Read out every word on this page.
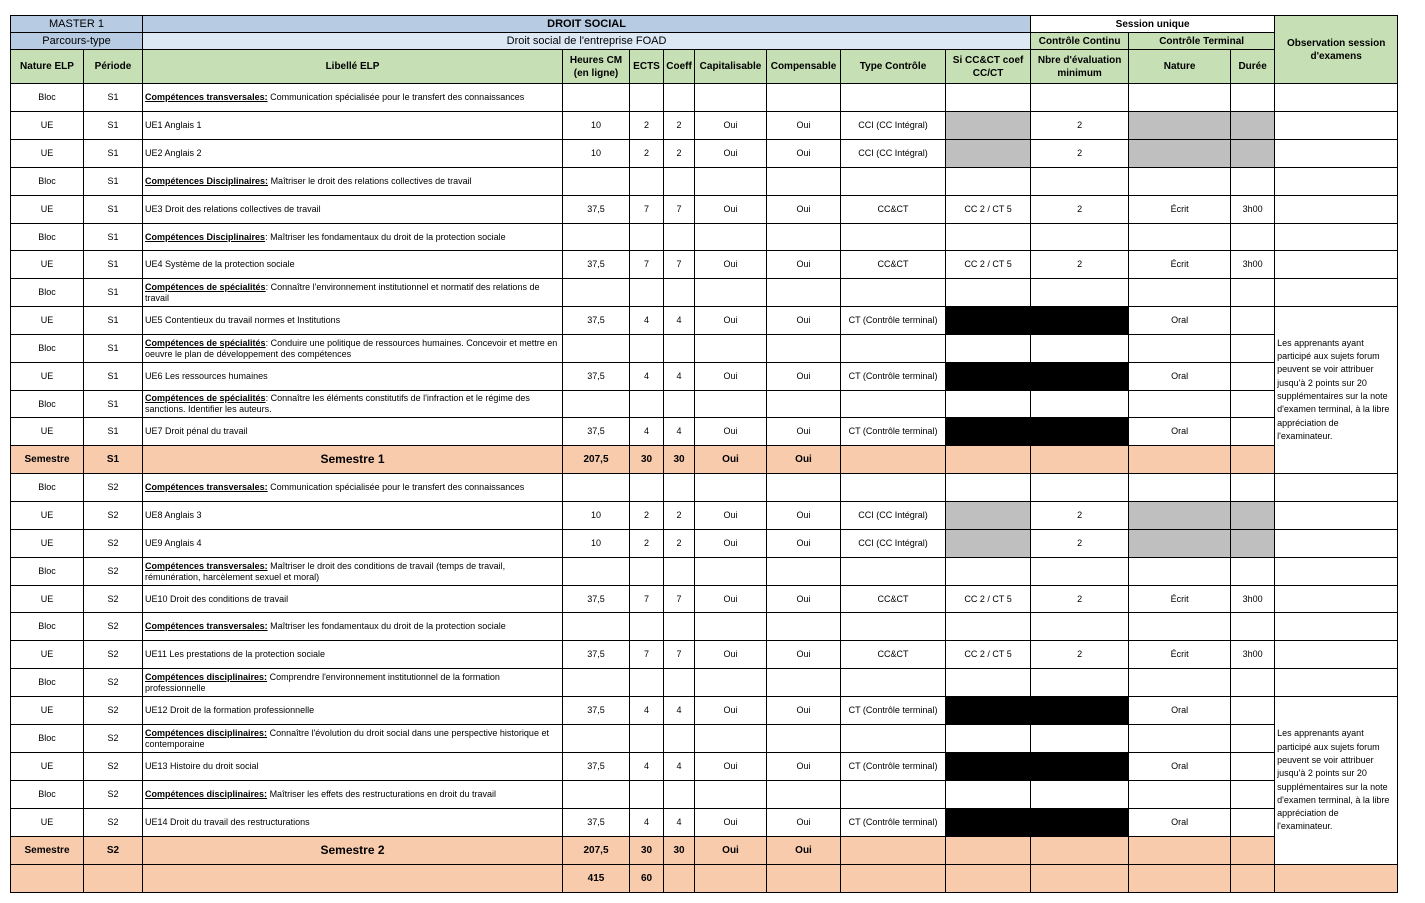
MASTER 1		DROIT SOCIAL								Session unique			Observation session d'examens	
Parcours-type		Droit social de l'entreprise FOAD								Contrôle Continu	Contrôle Terminal			
Nature ELP	Période	Libellé ELP	Heures CM (en ligne)	ECTS	Coeff	Capitalisable	Compensable	Type Contrôle	Si CC&CT coef CC/CT	Nbre d'évaluation minimum	Nature	Durée		
Bloc	S1	Compétences transversales: Communication spécialisée pour le transfert des connaissances												
UE	S1	UE1 Anglais 1	10	2	2	Oui	Oui	CCI (CC Intégral)		2				
UE	S1	UE2 Anglais 2	10	2	2	Oui	Oui	CCI (CC Intégral)		2				
Bloc	S1	Compétences Disciplinaires: Maîtriser le droit des relations collectives de travail												
UE	S1	UE3 Droit des relations collectives de travail	37,5	7	7	Oui	Oui	CC&CT	CC 2 / CT 5	2	Écrit	3h00		
Bloc	S1	Compétences Disciplinaires: Maîtriser les fondamentaux du droit de la protection sociale												
UE	S1	UE4 Système de la protection sociale	37,5	7	7	Oui	Oui	CC&CT	CC 2 / CT 5	2	Écrit	3h00		
Bloc	S1	Compétences de spécialités: Connaître l'environnement institutionnel et normatif des relations de travail												
UE	S1	UE5 Contentieux du travail normes et Institutions	37,5	4	4	Oui	Oui	CT (Contrôle terminal)			Oral		Les apprenants ayant participé aux sujets forum peuvent se voir attribuer jusqu'à 2 points sur 20 supplémentaires sur la note d'examen terminal, à la libre appréciation de l'examinateur.	
Bloc	S1	Compétences de spécialités: Conduire une politique de ressources humaines. Concevoir et mettre en oeuvre le plan de développement des compétences												
UE	S1	UE6 Les ressources humaines	37,5	4	4	Oui	Oui	CT (Contrôle terminal)			Oral			
Bloc	S1	Compétences de spécialités: Connaître les éléments constitutifs de l'infraction et le régime des sanctions. Identifier les auteurs.												
UE	S1	UE7 Droit pénal du travail	37,5	4	4	Oui	Oui	CT (Contrôle terminal)			Oral			
Semestre	S1	Semestre 1	207,5	30	30	Oui	Oui							
Bloc	S2	Compétences transversales: Communication spécialisée pour le transfert des connaissances												
UE	S2	UE8 Anglais 3	10	2	2	Oui	Oui	CCI (CC Intégral)		2				
UE	S2	UE9 Anglais 4	10	2	2	Oui	Oui	CCI (CC Intégral)		2				
Bloc	S2	Compétences transversales: Maîtriser le droit des conditions de travail (temps de travail, rémunération, harcèlement sexuel et moral)												
UE	S2	UE10 Droit des conditions de travail	37,5	7	7	Oui	Oui	CC&CT	CC 2 / CT 5	2	Écrit	3h00		
Bloc	S2	Compétences transversales: Maîtriser les fondamentaux du droit de la protection sociale												
UE	S2	UE11 Les prestations de la protection sociale	37,5	7	7	Oui	Oui	CC&CT	CC 2 / CT 5	2	Écrit	3h00		
Bloc	S2	Compétences disciplinaires: Comprendre l'environnement institutionnel de la formation professionnelle												
UE	S2	UE12 Droit de la formation professionnelle	37,5	4	4	Oui	Oui	CT (Contrôle terminal)			Oral		Les apprenants ayant participé aux sujets forum peuvent se voir attribuer jusqu'à 2 points sur 20 supplémentaires sur la note d'examen terminal, à la libre appréciation de l'examinateur.	
Bloc	S2	Compétences disciplinaires: Connaître l'évolution du droit social dans une perspective historique et contemporaine												
UE	S2	UE13 Histoire du droit social	37,5	4	4	Oui	Oui	CT (Contrôle terminal)			Oral			
Bloc	S2	Compétences disciplinaires: Maîtriser les effets des restructurations en droit du travail												
UE	S2	UE14 Droit du travail des restructurations	37,5	4	4	Oui	Oui	CT (Contrôle terminal)			Oral			
Semestre	S2	Semestre 2	207,5	30	30	Oui	Oui							
			415	60										
